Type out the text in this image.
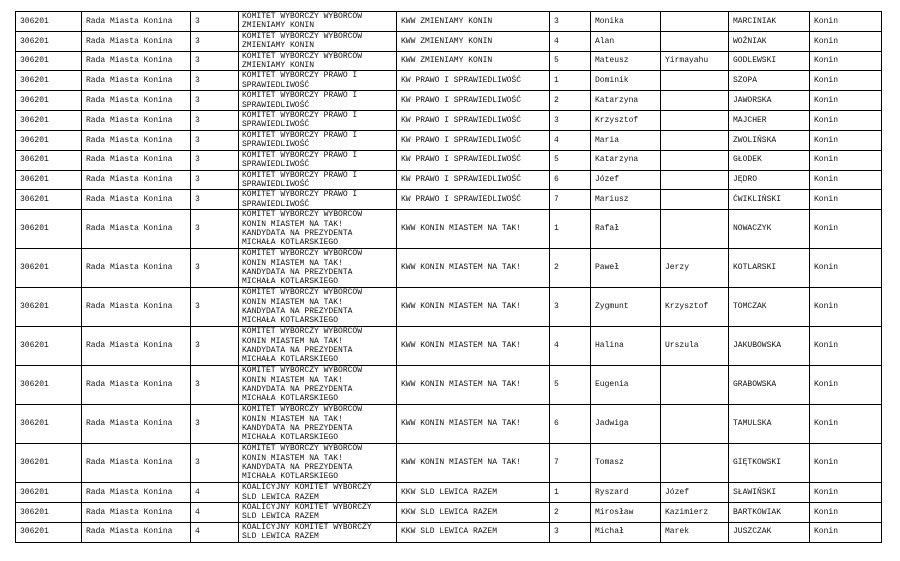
306201	Rada Miasta Konina	3	KOMITET WYBORCZY WYBORCÓW
ZMIENIAMY KONIN	KWW ZMIENIAMY KONIN	3	Monika		MARCINIAK	Konin
306201	Rada Miasta Konina	3	KOMITET WYBORCZY WYBORCÓW
ZMIENIAMY KONIN	KWW ZMIENIAMY KONIN	4	Alan		WOŹNIAK	Konin
306201	Rada Miasta Konina	3	KOMITET WYBORCZY WYBORCÓW
ZMIENIAMY KONIN	KWW ZMIENIAMY KONIN	5	Mateusz	Yirmayahu	GODLEWSKI	Konin
306201	Rada Miasta Konina	3	KOMITET WYBORCZY PRAWO I
SPRAWIEDLIWOŚĆ	KW PRAWO I SPRAWIEDLIWOŚĆ	1	Dominik		SZOPA	Konin
306201	Rada Miasta Konina	3	KOMITET WYBORCZY PRAWO I
SPRAWIEDLIWOŚĆ	KW PRAWO I SPRAWIEDLIWOŚĆ	2	Katarzyna		JAWORSKA	Konin
306201	Rada Miasta Konina	3	KOMITET WYBORCZY PRAWO I
SPRAWIEDLIWOŚĆ	KW PRAWO I SPRAWIEDLIWOŚĆ	3	Krzysztof		MAJCHER	Konin
306201	Rada Miasta Konina	3	KOMITET WYBORCZY PRAWO I
SPRAWIEDLIWOŚĆ	KW PRAWO I SPRAWIEDLIWOŚĆ	4	Maria		ZWOLIŃSKA	Konin
306201	Rada Miasta Konina	3	KOMITET WYBORCZY PRAWO I
SPRAWIEDLIWOŚĆ	KW PRAWO I SPRAWIEDLIWOŚĆ	5	Katarzyna		GŁODEK	Konin
306201	Rada Miasta Konina	3	KOMITET WYBORCZY PRAWO I
SPRAWIEDLIWOŚĆ	KW PRAWO I SPRAWIEDLIWOŚĆ	6	Józef		JĘDRO	Konin
306201	Rada Miasta Konina	3	KOMITET WYBORCZY PRAWO I
SPRAWIEDLIWOŚĆ	KW PRAWO I SPRAWIEDLIWOŚĆ	7	Mariusz		ĆWIKLIŃSKI	Konin
306201	Rada Miasta Konina	3	KOMITET WYBORCZY WYBORCÓW
KONIN MIASTEM NA TAK!
KANDYDATA NA PREZYDENTA
MICHAŁA KOTLARSKIEGO	KWW KONIN MIASTEM NA TAK!	1	Rafał		NOWACZYK	Konin
306201	Rada Miasta Konina	3	KOMITET WYBORCZY WYBORCÓW
KONIN MIASTEM NA TAK!
KANDYDATA NA PREZYDENTA
MICHAŁA KOTLARSKIEGO	KWW KONIN MIASTEM NA TAK!	2	Paweł	Jerzy	KOTLARSKI	Konin
306201	Rada Miasta Konina	3	KOMITET WYBORCZY WYBORCÓW
KONIN MIASTEM NA TAK!
KANDYDATA NA PREZYDENTA
MICHAŁA KOTLARSKIEGO	KWW KONIN MIASTEM NA TAK!	3	Zygmunt	Krzysztof	TOMCZAK	Konin
306201	Rada Miasta Konina	3	KOMITET WYBORCZY WYBORCÓW
KONIN MIASTEM NA TAK!
KANDYDATA NA PREZYDENTA
MICHAŁA KOTLARSKIEGO	KWW KONIN MIASTEM NA TAK!	4	Halina	Urszula	JAKUBOWSKA	Konin
306201	Rada Miasta Konina	3	KOMITET WYBORCZY WYBORCÓW
KONIN MIASTEM NA TAK!
KANDYDATA NA PREZYDENTA
MICHAŁA KOTLARSKIEGO	KWW KONIN MIASTEM NA TAK!	5	Eugenia		GRABOWSKA	Konin
306201	Rada Miasta Konina	3	KOMITET WYBORCZY WYBORCÓW
KONIN MIASTEM NA TAK!
KANDYDATA NA PREZYDENTA
MICHAŁA KOTLARSKIEGO	KWW KONIN MIASTEM NA TAK!	6	Jadwiga		TAMULSKA	Konin
306201	Rada Miasta Konina	3	KOMITET WYBORCZY WYBORCÓW
KONIN MIASTEM NA TAK!
KANDYDATA NA PREZYDENTA
MICHAŁA KOTLARSKIEGO	KWW KONIN MIASTEM NA TAK!	7	Tomasz		GIĘTKOWSKI	Konin
306201	Rada Miasta Konina	4	KOALICYJNY KOMITET WYBORCZY
SLD LEWICA RAZEM	KKW SLD LEWICA RAZEM	1	Ryszard	Józef	SŁAWIŃSKI	Konin
306201	Rada Miasta Konina	4	KOALICYJNY KOMITET WYBORCZY
SLD LEWICA RAZEM	KKW SLD LEWICA RAZEM	2	Mirosław	Kazimierz	BARTKOWIAK	Konin
306201	Rada Miasta Konina	4	KOALICYJNY KOMITET WYBORCZY
SLD LEWICA RAZEM	KKW SLD LEWICA RAZEM	3	Michał	Marek	JUSZCZAK	Konin
